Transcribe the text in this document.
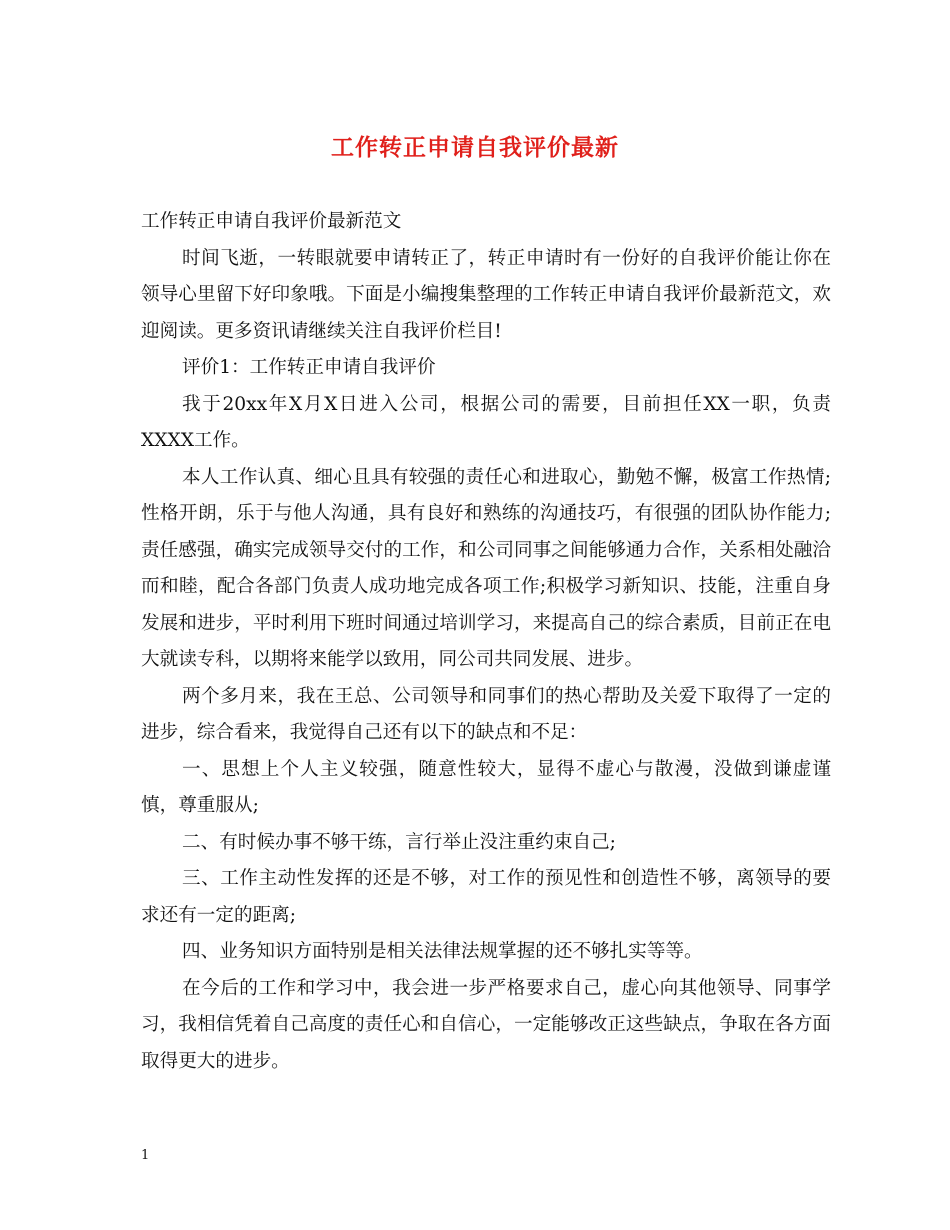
工作转正申请自我评价最新

工作转正申请自我评价最新范文

时间飞逝，一转眼就要申请转正了，转正申请时有一份好的自我评价能让你在领导心里留下好印象哦。下面是小编搜集整理的工作转正申请自我评价最新范文，欢迎阅读。更多资讯请继续关注自我评价栏目!

评价1：工作转正申请自我评价

我于20xx年X月X日进入公司，根据公司的需要，目前担任XX一职，负责XXXX工作。

本人工作认真、细心且具有较强的责任心和进取心，勤勉不懈，极富工作热情;性格开朗，乐于与他人沟通，具有良好和熟练的沟通技巧，有很强的团队协作能力;责任感强，确实完成领导交付的工作，和公司同事之间能够通力合作，关系相处融洽而和睦，配合各部门负责人成功地完成各项工作;积极学习新知识、技能，注重自身发展和进步，平时利用下班时间通过培训学习，来提高自己的综合素质，目前正在电大就读专科，以期将来能学以致用，同公司共同发展、进步。

两个多月来，我在王总、公司领导和同事们的热心帮助及关爱下取得了一定的进步，综合看来，我觉得自己还有以下的缺点和不足：

一、思想上个人主义较强，随意性较大，显得不虚心与散漫，没做到谦虚谨慎，尊重服从;

二、有时候办事不够干练，言行举止没注重约束自己;

三、工作主动性发挥的还是不够，对工作的预见性和创造性不够，离领导的要求还有一定的距离;

四、业务知识方面特别是相关法律法规掌握的还不够扎实等等。

在今后的工作和学习中，我会进一步严格要求自己，虚心向其他领导、同事学习，我相信凭着自己高度的责任心和自信心，一定能够改正这些缺点，争取在各方面取得更大的进步。

1
